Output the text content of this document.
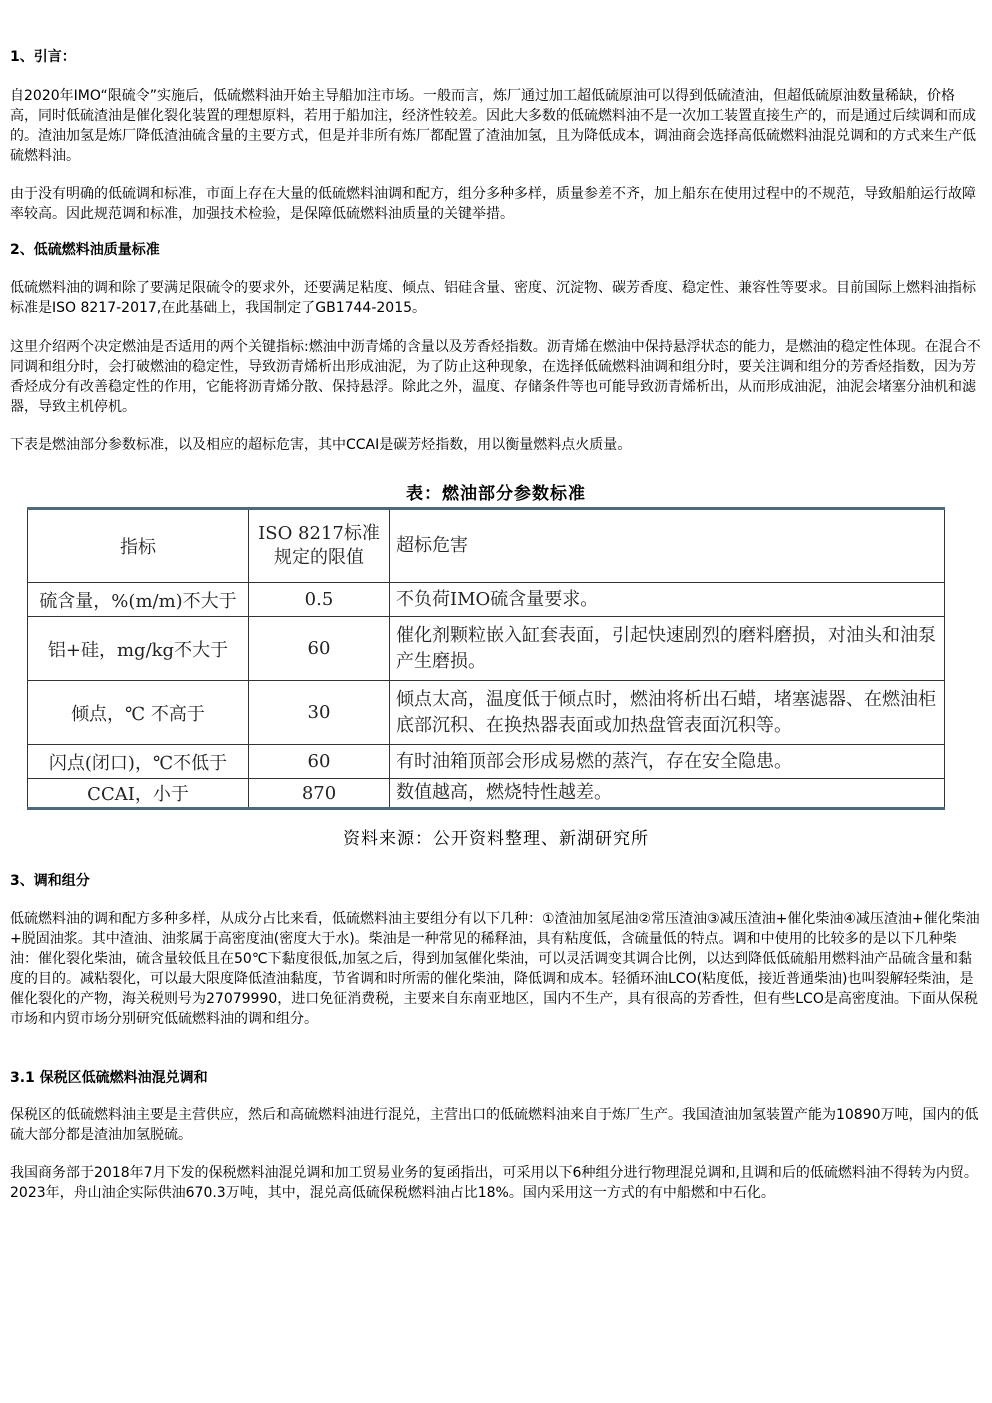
1、引言：

自2020年IMO“限硫令”实施后，低硫燃料油开始主导船加注市场。一般而言，炼厂通过加工超低硫原油可以得到低硫渣油，但超低硫原油数量稀缺，价格高，同时低硫渣油是催化裂化装置的理想原料，若用于船加注，经济性较差。因此大多数的低硫燃料油不是一次加工装置直接生产的，而是通过后续调和而成的。渣油加氢是炼厂降低渣油硫含量的主要方式，但是并非所有炼厂都配置了渣油加氢，且为降低成本，调油商会选择高低硫燃料油混兑调和的方式来生产低硫燃料油。

由于没有明确的低硫调和标准，市面上存在大量的低硫燃料油调和配方，组分多种多样，质量参差不齐，加上船东在使用过程中的不规范，导致船舶运行故障率较高。因此规范调和标准，加强技术检验，是保障低硫燃料油质量的关键举措。

2、低硫燃料油质量标准

低硫燃料油的调和除了要满足限硫令的要求外，还要满足粘度、倾点、铝硅含量、密度、沉淀物、碳芳香度、稳定性、兼容性等要求。目前国际上燃料油指标标准是ISO 8217-2017,在此基础上，我国制定了GB1744-2015。

这里介绍两个决定燃油是否适用的两个关键指标:燃油中沥青烯的含量以及芳香烃指数。沥青烯在燃油中保持悬浮状态的能力，是燃油的稳定性体现。在混合不同调和组分时，会打破燃油的稳定性，导致沥青烯析出形成油泥，为了防止这种现象，在选择低硫燃料油调和组分时，要关注调和组分的芳香烃指数，因为芳香烃成分有改善稳定性的作用，它能将沥青烯分散、保持悬浮。除此之外，温度、存储条件等也可能导致沥青烯析出，从而形成油泥，油泥会堵塞分油机和滤器，导致主机停机。

下表是燃油部分参数标准，以及相应的超标危害，其中CCAI是碳芳烃指数，用以衡量燃料点火质量。

3、调和组分

低硫燃料油的调和配方多种多样，从成分占比来看，低硫燃料油主要组分有以下几种：①渣油加氢尾油②常压渣油③减压渣油+催化柴油④减压渣油+催化柴油+脱固油浆。其中渣油、油浆属于高密度油(密度大于水)。柴油是一种常见的稀释油，具有粘度低，含硫量低的特点。调和中使用的比较多的是以下几种柴油：催化裂化柴油，硫含量较低且在50℃下黏度很低,加氢之后，得到加氢催化柴油，可以灵活调变其调合比例，以达到降低低硫船用燃料油产品硫含量和黏度的目的。减粘裂化，可以最大限度降低渣油黏度，节省调和时所需的催化柴油，降低调和成本。轻循环油LCO(粘度低，接近普通柴油)也叫裂解轻柴油，是催化裂化的产物，海关税则号为27079990，进口免征消费税，主要来自东南亚地区，国内不生产，具有很高的芳香性，但有些LCO是高密度油。下面从保税市场和内贸市场分别研究低硫燃料油的调和组分。

3.1 保税区低硫燃料油混兑调和

保税区的低硫燃料油主要是主营供应，然后和高硫燃料油进行混兑，主营出口的低硫燃料油来自于炼厂生产。我国渣油加氢装置产能为10890万吨，国内的低硫大部分都是渣油加氢脱硫。

我国商务部于2018年7月下发的保税燃料油混兑调和加工贸易业务的复函指出，可采用以下6种组分进行物理混兑调和,且调和后的低硫燃料油不得转为内贸。2023年，舟山油企实际供油670.3万吨，其中，混兑高低硫保税燃料油占比18%。国内采用这一方式的有中船燃和中石化。

表：燃油部分参数标准
指标	ISO 8217标准规定的限值	超标危害
硫含量，%(m/m)不大于	0.5	不负荷IMO硫含量要求。
铝+硅，mg/kg不大于	60	催化剂颗粒嵌入缸套表面，引起快速剧烈的磨料磨损，对油头和油泵产生磨损。
倾点，℃ 不高于	30	倾点太高，温度低于倾点时，燃油将析出石蜡，堵塞滤器、在燃油柜底部沉积、在换热器表面或加热盘管表面沉积等。
闪点(闭口)，℃不低于	60	有时油箱顶部会形成易燃的蒸汽，存在安全隐患。
CCAI，小于	870	数值越高，燃烧特性越差。
资料来源：公开资料整理、新湖研究所
